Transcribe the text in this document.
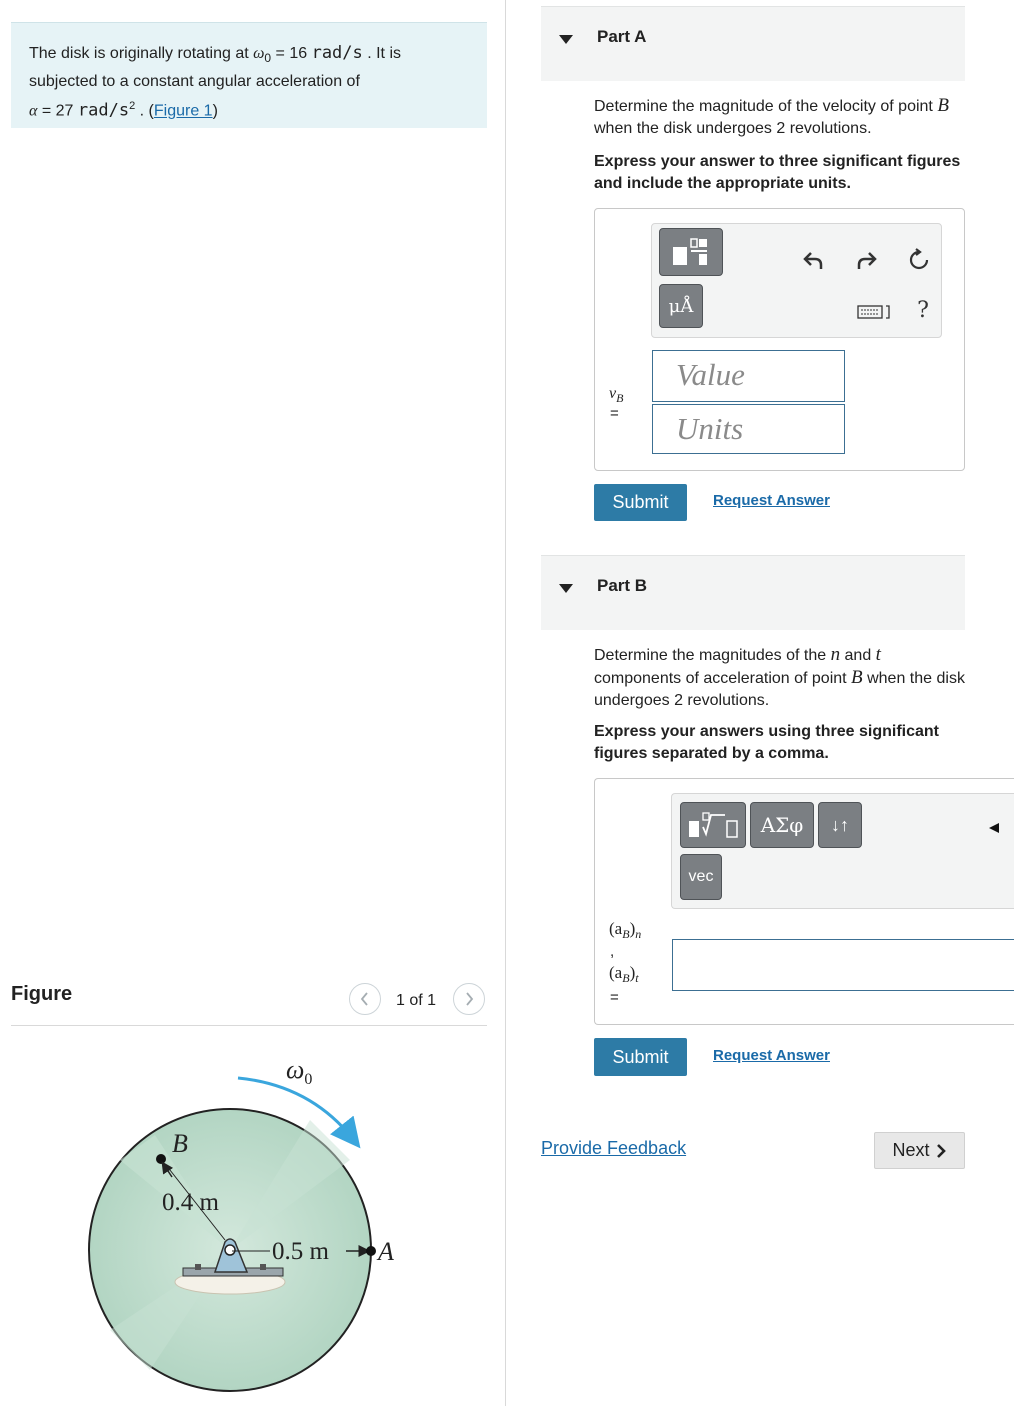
The disk is originally rotating at $\omega_0 = 16$ rad/s . It is subjected to a constant angular acceleration of
α = 27 rad/$s^2$ . (Figure 1)
Figure	1 of 1
$\omega_0$
B
0.4 m
0.5 m A
Part A
Determine the magnitude of the velocity of point B when the disk undergoes 2 revolutions.
Express your answer to three significant figures and include the appropriate units.
μÅ	?
$v_B$
=
Value
Units
Submit	Request Answer
Part B
Determine the magnitudes of the n and t components of acceleration of point B when the disk undergoes 2 revolutions.
Express your answers using three significant figures separated by a comma.
ΑΣφ	↓↑
vec
$(a_B)_n$
,
$(a_B)_t$
=
Submit	Request Answer
Provide Feedback	Next
